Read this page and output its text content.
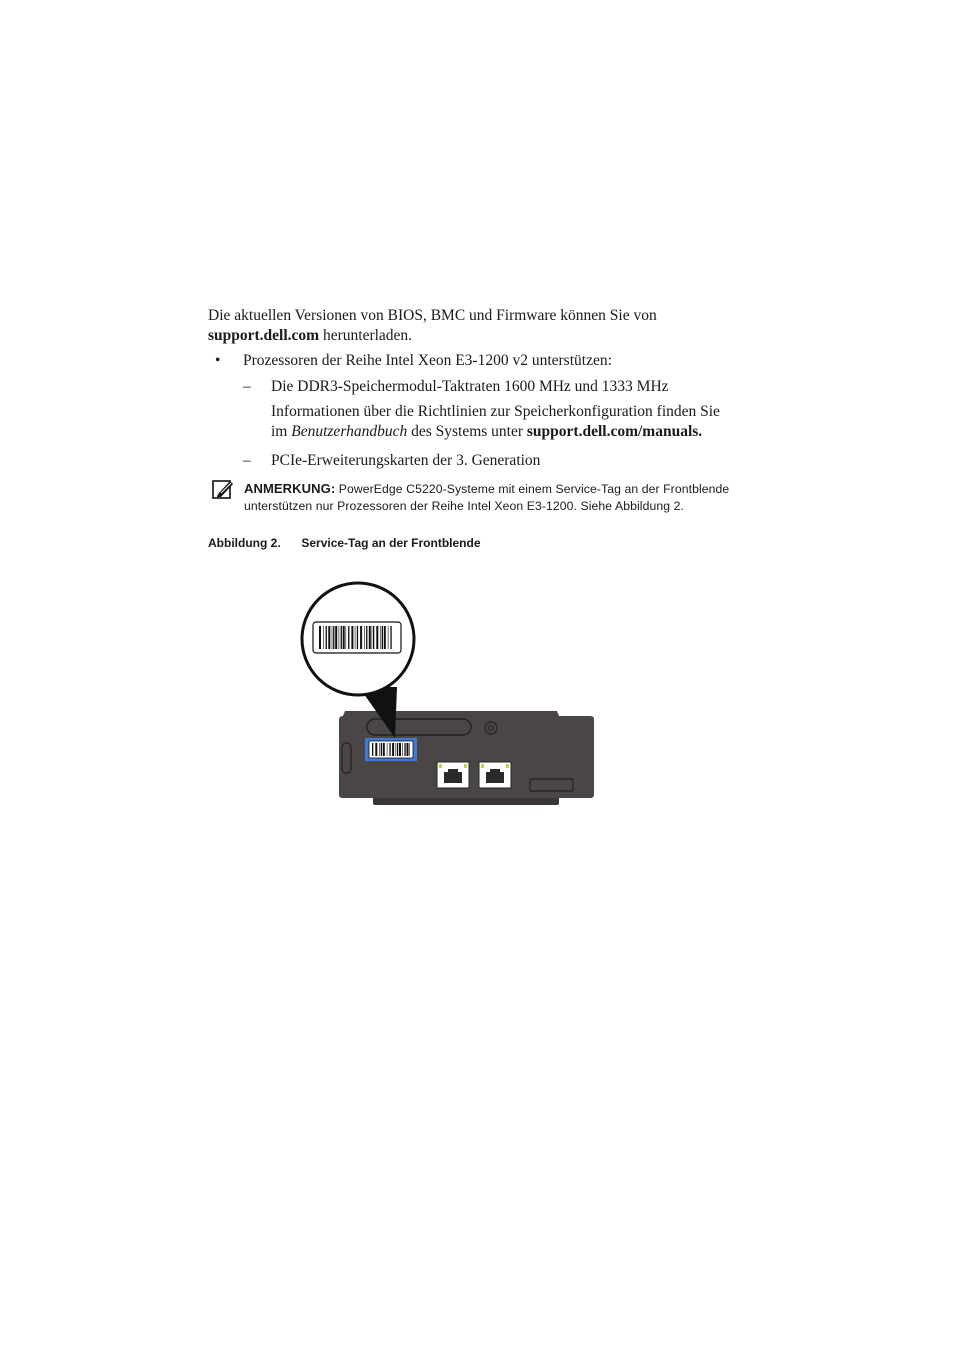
Die aktuellen Versionen von BIOS, BMC und Firmware können Sie von
support.dell.com herunterladen.
• Prozessoren der Reihe Intel Xeon E3-1200 v2 unterstützen:
– Die DDR3-Speichermodul-Taktraten 1600 MHz und 1333 MHz
Informationen über die Richtlinien zur Speicherkonfiguration finden Sie
im Benutzerhandbuch des Systems unter support.dell.com/manuals.
– PCIe-Erweiterungskarten der 3. Generation
ANMERKUNG: PowerEdge C5220-Systeme mit einem Service-Tag an der Frontblende
unterstützen nur Prozessoren der Reihe Intel Xeon E3-1200. Siehe Abbildung 2.
Abbildung 2. Service-Tag an der Frontblende
